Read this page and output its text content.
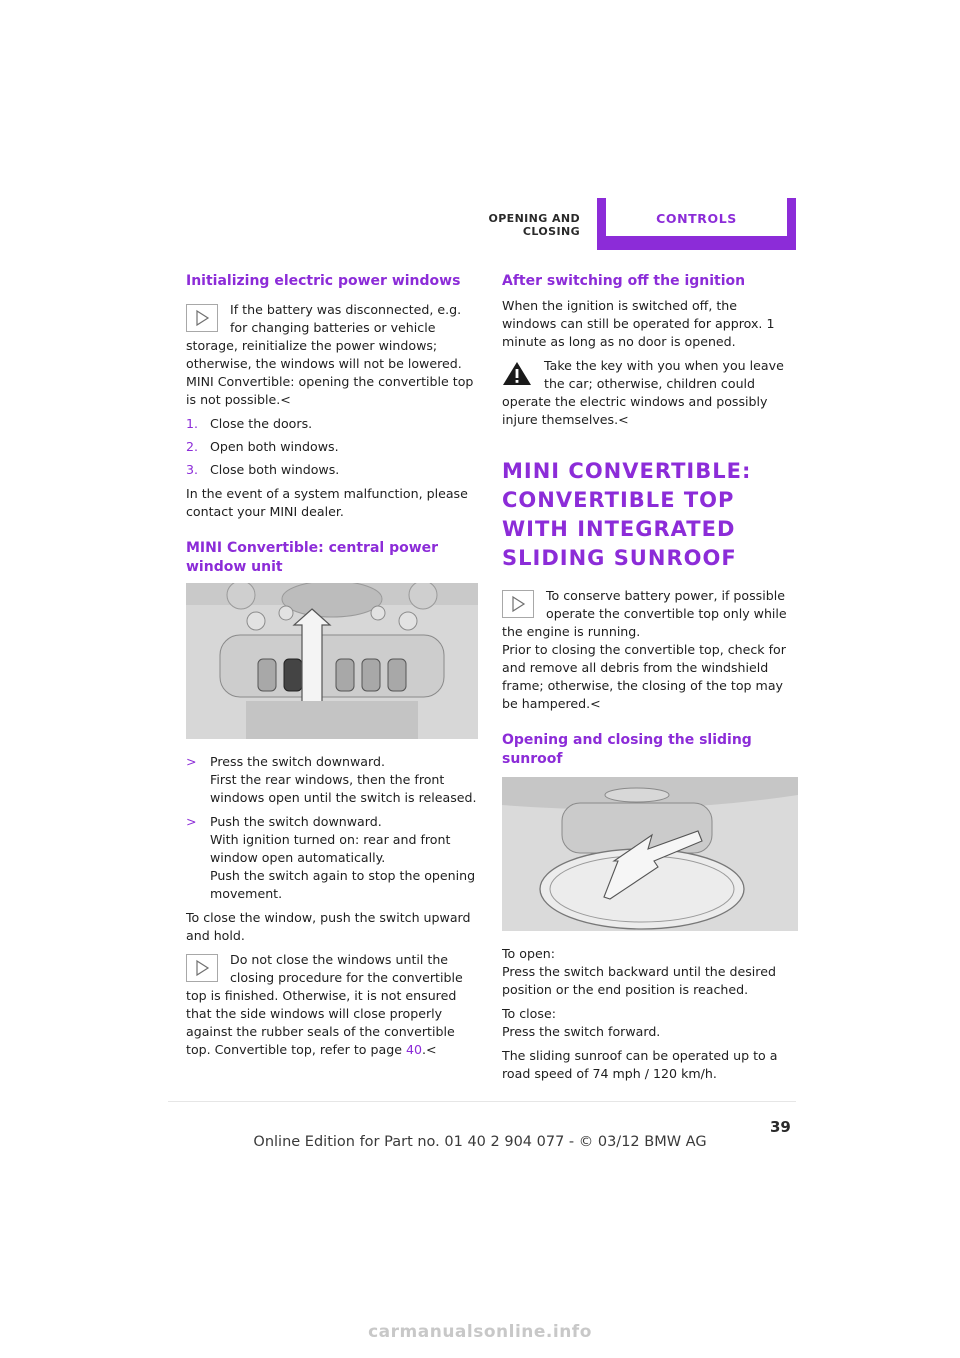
OPENING AND CLOSING
CONTROLS
Initializing electric power windows

If the battery was disconnected, e.g. for changing batteries or vehicle storage, reinitialize the power windows; otherwise, the windows will not be lowered.
MINI Convertible: opening the convertible top is not possible.<

1. Close the doors.
2. Open both windows.
3. Close both windows.

In the event of a system malfunction, please contact your MINI dealer.

MINI Convertible: central power window unit
>	Press the switch downward.
First the rear windows, then the front windows open until the switch is released.
>	Push the switch downward.
With ignition turned on: rear and front window open automatically.
Push the switch again to stop the opening movement.

To close the window, push the switch upward and hold.

Do not close the windows until the closing procedure for the convertible top is finished. Otherwise, it is not ensured that the side windows will close properly against the rubber seals of the convertible top. Convertible top, refer to page 40.<

After switching off the ignition

When the ignition is switched off, the windows can still be operated for approx. 1 minute as long as no door is opened.

Take the key with you when you leave the car; otherwise, children could operate the electric windows and possibly injure themselves.<

MINI CONVERTIBLE: CONVERTIBLE TOP WITH INTEGRATED SLIDING SUNROOF

To conserve battery power, if possible operate the convertible top only while the engine is running.
Prior to closing the convertible top, check for and remove all debris from the windshield frame; otherwise, the closing of the top may be hampered.<

Opening and closing the sliding sunroof

To open:

Press the switch backward until the desired position or the end position is reached.

To close:

Press the switch forward.

The sliding sunroof can be operated up to a road speed of 74 mph / 120 km/h.

39
Online Edition for Part no. 01 40 2 904 077 - © 03/12 BMW AG
carmanualsonline.info
